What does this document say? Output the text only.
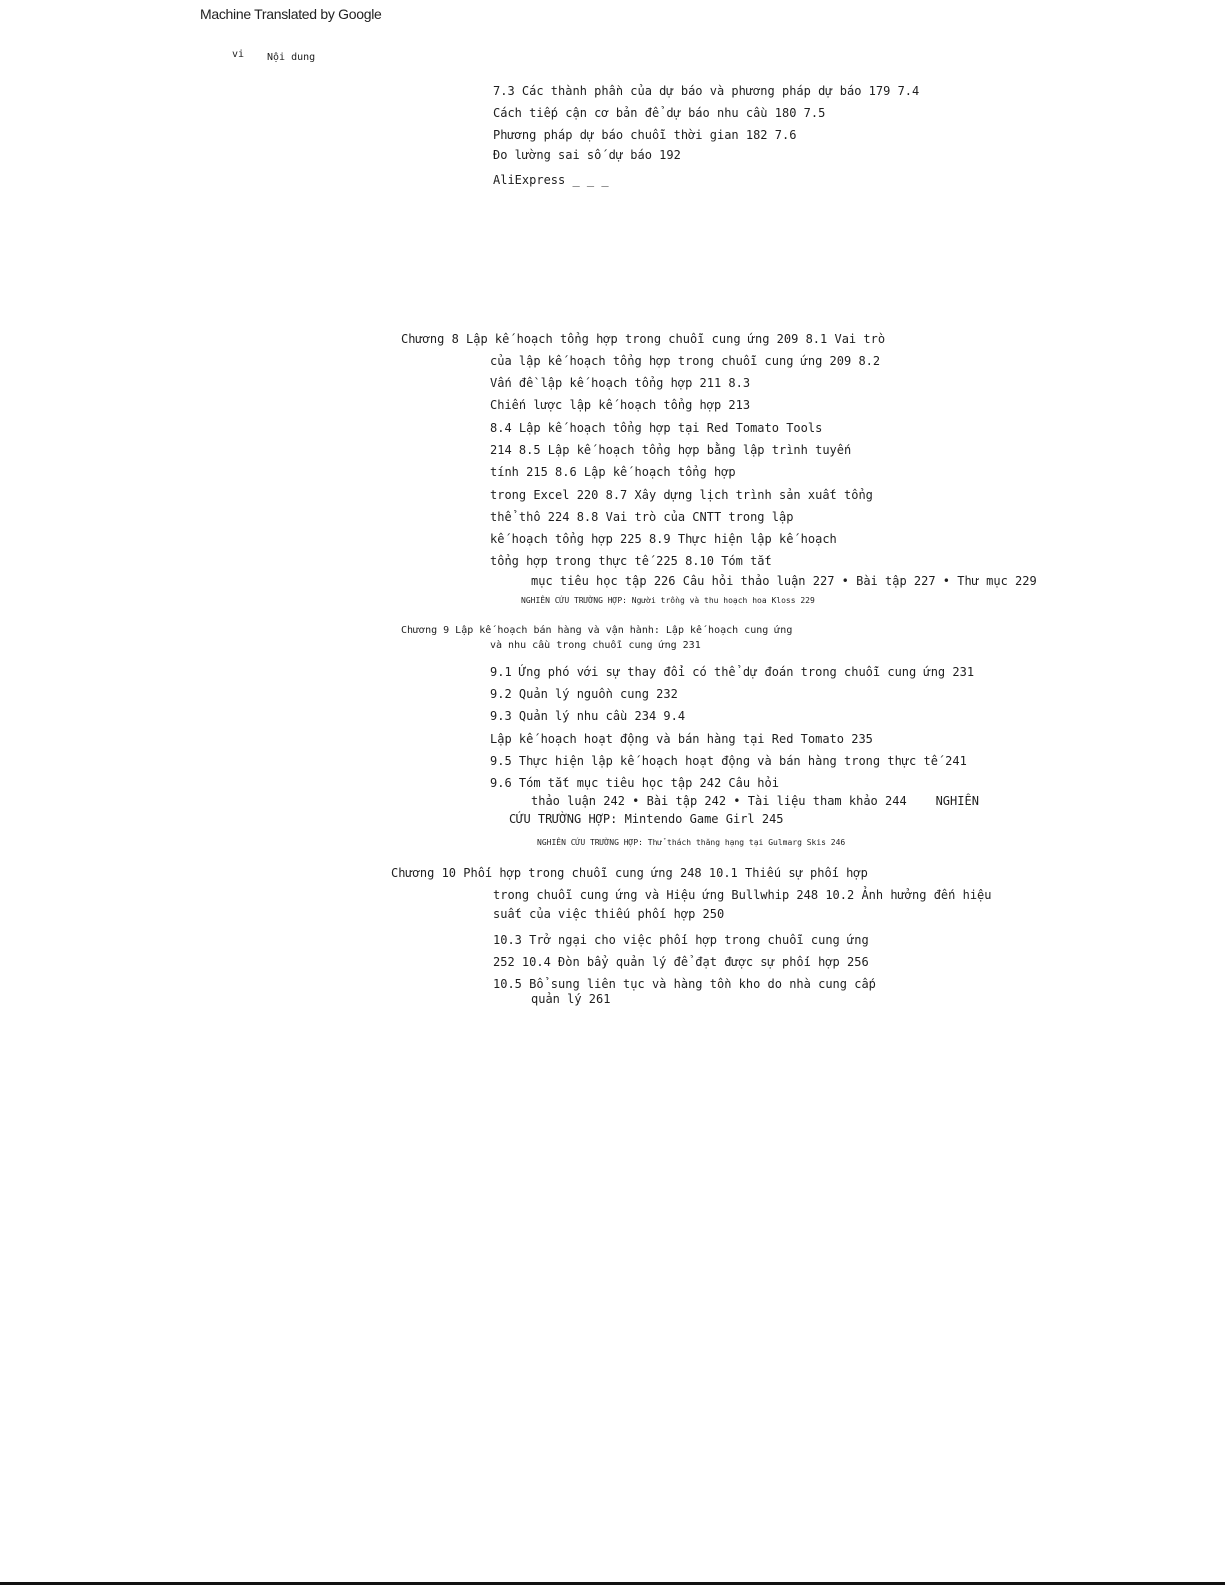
Machine Translated by Google
vi Nội dung
7.3 Các thành phần của dự báo và phương pháp dự báo 179 7.4
Cách tiếp cận cơ bản để dự báo nhu cầu 180 7.5
Phương pháp dự báo chuỗi thời gian 182 7.6
Đo lường sai số dự báo 192
AliExpress _ _ _
Chương 8 Lập kế hoạch tổng hợp trong chuỗi cung ứng 209 8.1 Vai trò
của lập kế hoạch tổng hợp trong chuỗi cung ứng 209 8.2
Vấn đề lập kế hoạch tổng hợp 211 8.3
Chiến lược lập kế hoạch tổng hợp 213
8.4 Lập kế hoạch tổng hợp tại Red Tomato Tools
214 8.5 Lập kế hoạch tổng hợp bằng lập trình tuyến
tính 215 8.6 Lập kế hoạch tổng hợp
trong Excel 220 8.7 Xây dựng lịch trình sản xuất tổng
thể thô 224 8.8 Vai trò của CNTT trong lập
kế hoạch tổng hợp 225 8.9 Thực hiện lập kế hoạch
tổng hợp trong thực tế 225 8.10 Tóm tắt
mục tiêu học tập 226 Câu hỏi thảo luận 227 • Bài tập 227 • Thư mục 229
NGHIÊN CỨU TRƯỜNG HỢP: Người trồng và thu hoạch hoa Kloss 229
Chương 9 Lập kế hoạch bán hàng và vận hành: Lập kế hoạch cung ứng
và nhu cầu trong chuỗi cung ứng 231
9.1 Ứng phó với sự thay đổi có thể dự đoán trong chuỗi cung ứng 231
9.2 Quản lý nguồn cung 232
9.3 Quản lý nhu cầu 234 9.4
Lập kế hoạch hoạt động và bán hàng tại Red Tomato 235
9.5 Thực hiện lập kế hoạch hoạt động và bán hàng trong thực tế 241
9.6 Tóm tắt mục tiêu học tập 242 Câu hỏi
thảo luận 242 • Bài tập 242 • Tài liệu tham khảo 244    NGHIÊN
CỨU TRƯỜNG HỢP: Mintendo Game Girl 245
NGHIÊN CỨU TRƯỜNG HỢP: Thử thách thăng hạng tại Gulmarg Skis 246
Chương 10 Phối hợp trong chuỗi cung ứng 248 10.1 Thiếu sự phối hợp
trong chuỗi cung ứng và Hiệu ứng Bullwhip 248 10.2 Ảnh hưởng đến hiệu
suất của việc thiếu phối hợp 250
10.3 Trở ngại cho việc phối hợp trong chuỗi cung ứng
252 10.4 Đòn bẩy quản lý để đạt được sự phối hợp 256
10.5 Bổ sung liên tục và hàng tồn kho do nhà cung cấp
quản lý 261
